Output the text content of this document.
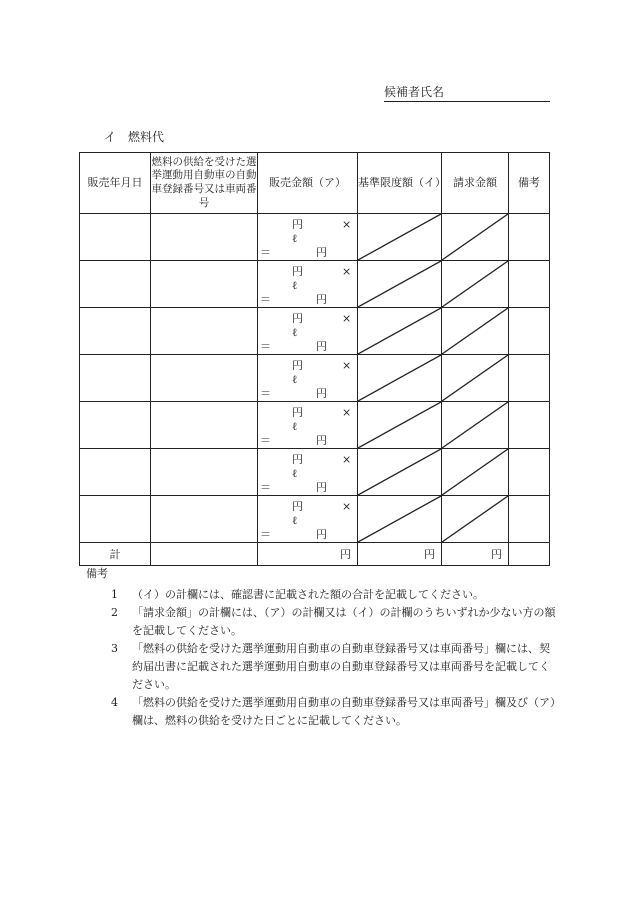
候補者氏名
イ 燃料代
販売年月日	燃料の供給を受けた選挙運動用自動車の自動車登録番号又は車両番号	販売金額（ア）	基準限度額（イ）	請求金額	備考

		円 ×
ℓ
＝ 円

		円 ×
ℓ
＝ 円

		円 ×
ℓ
＝ 円

		円 ×
ℓ
＝ 円

		円 ×
ℓ
＝ 円

		円 ×
ℓ
＝ 円

		円 ×
ℓ
＝ 円

計		円	円	円	
備考
1	（イ）の計欄には、確認書に記載された額の合計を記載してください。
2	「請求金額」の計欄には、（ア）の計欄又は（イ）の計欄のうちいずれか少ない方の額を記載してください。
3	「燃料の供給を受けた選挙運動用自動車の自動車登録番号又は車両番号」欄には、契約届出書に記載された選挙運動用自動車の自動車登録番号又は車両番号を記載してください。
4	「燃料の供給を受けた選挙運動用自動車の自動車登録番号又は車両番号」欄及び（ア）欄は、燃料の供給を受けた日ごとに記載してください。
